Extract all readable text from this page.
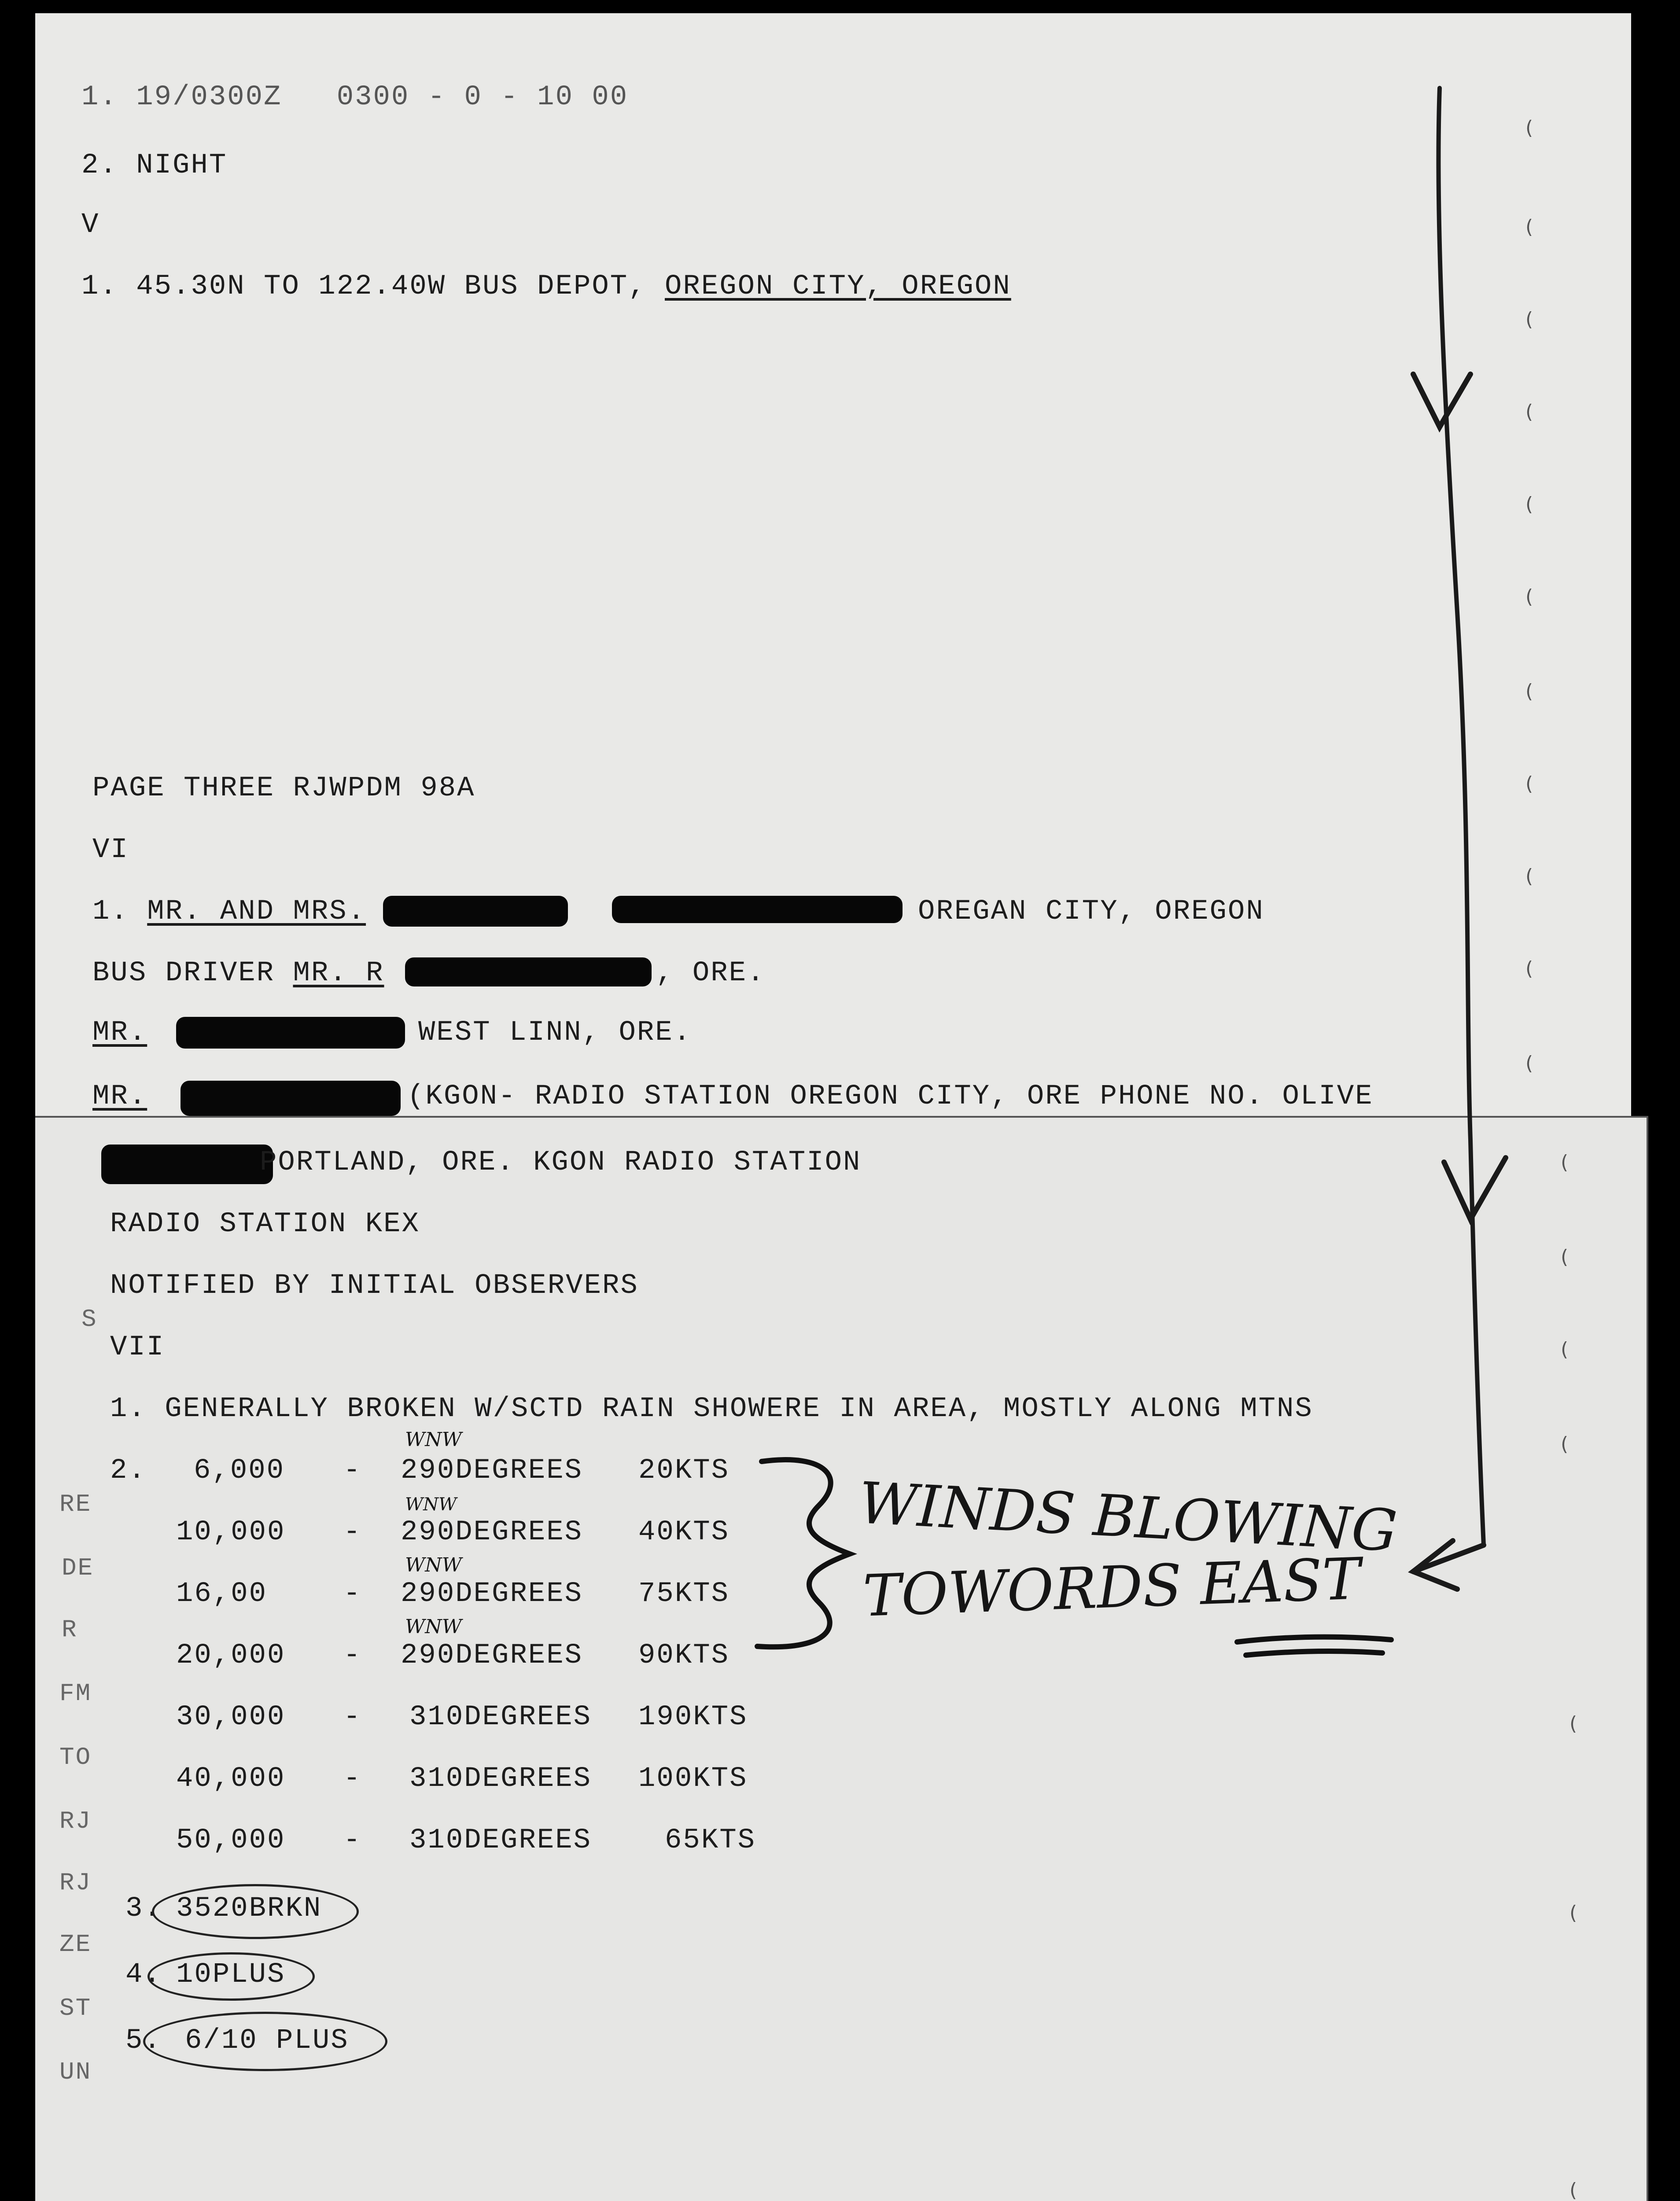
1. 19/0300Z   0300 - 0 - 10 00
2. NIGHT
V
1. 45.30N TO 122.40W BUS DEPOT, OREGON CITY, OREGON
PAGE THREE RJWPDM 98A
VI
1. MR. AND MRS.	OREGAN CITY, OREGON
BUS DRIVER MR. R	, ORE.
MR.	WEST LINN, ORE.
MR.	(KGON- RADIO STATION OREGON CITY, ORE PHONE NO. OLIVE
PORTLAND, ORE. KGON RADIO STATION
RADIO STATION KEX
NOTIFIED BY INITIAL OBSERVERS
VII
1. GENERALLY BROKEN W/SCTD RAIN SHOWERE IN AREA, MOSTLY ALONG MTNS
2. 6,000 - 290DEGREES 20KTS
WNW
10,000 - 290DEGREES 40KTS
WNW
16,00	- 290DEGREES 75KTS
WNW
20,000 - 290DEGREES 90KTS
WNW
30,000 - 310DEGREES 190KTS
40,000 - 310DEGREES 100KTS
50,000 - 310DEGREES	65KTS
3. 3520BRKN
4. 10PLUS
5. 6/10 PLUS
S
RE
DE
R
FM
TO
RJ
RJ
ZE
ST
UN
WINDS BLOWING
TOWORDS EAST
(
(
(
(
(
(
(
(
(
(
(
(
(
(
(
(
(
(
